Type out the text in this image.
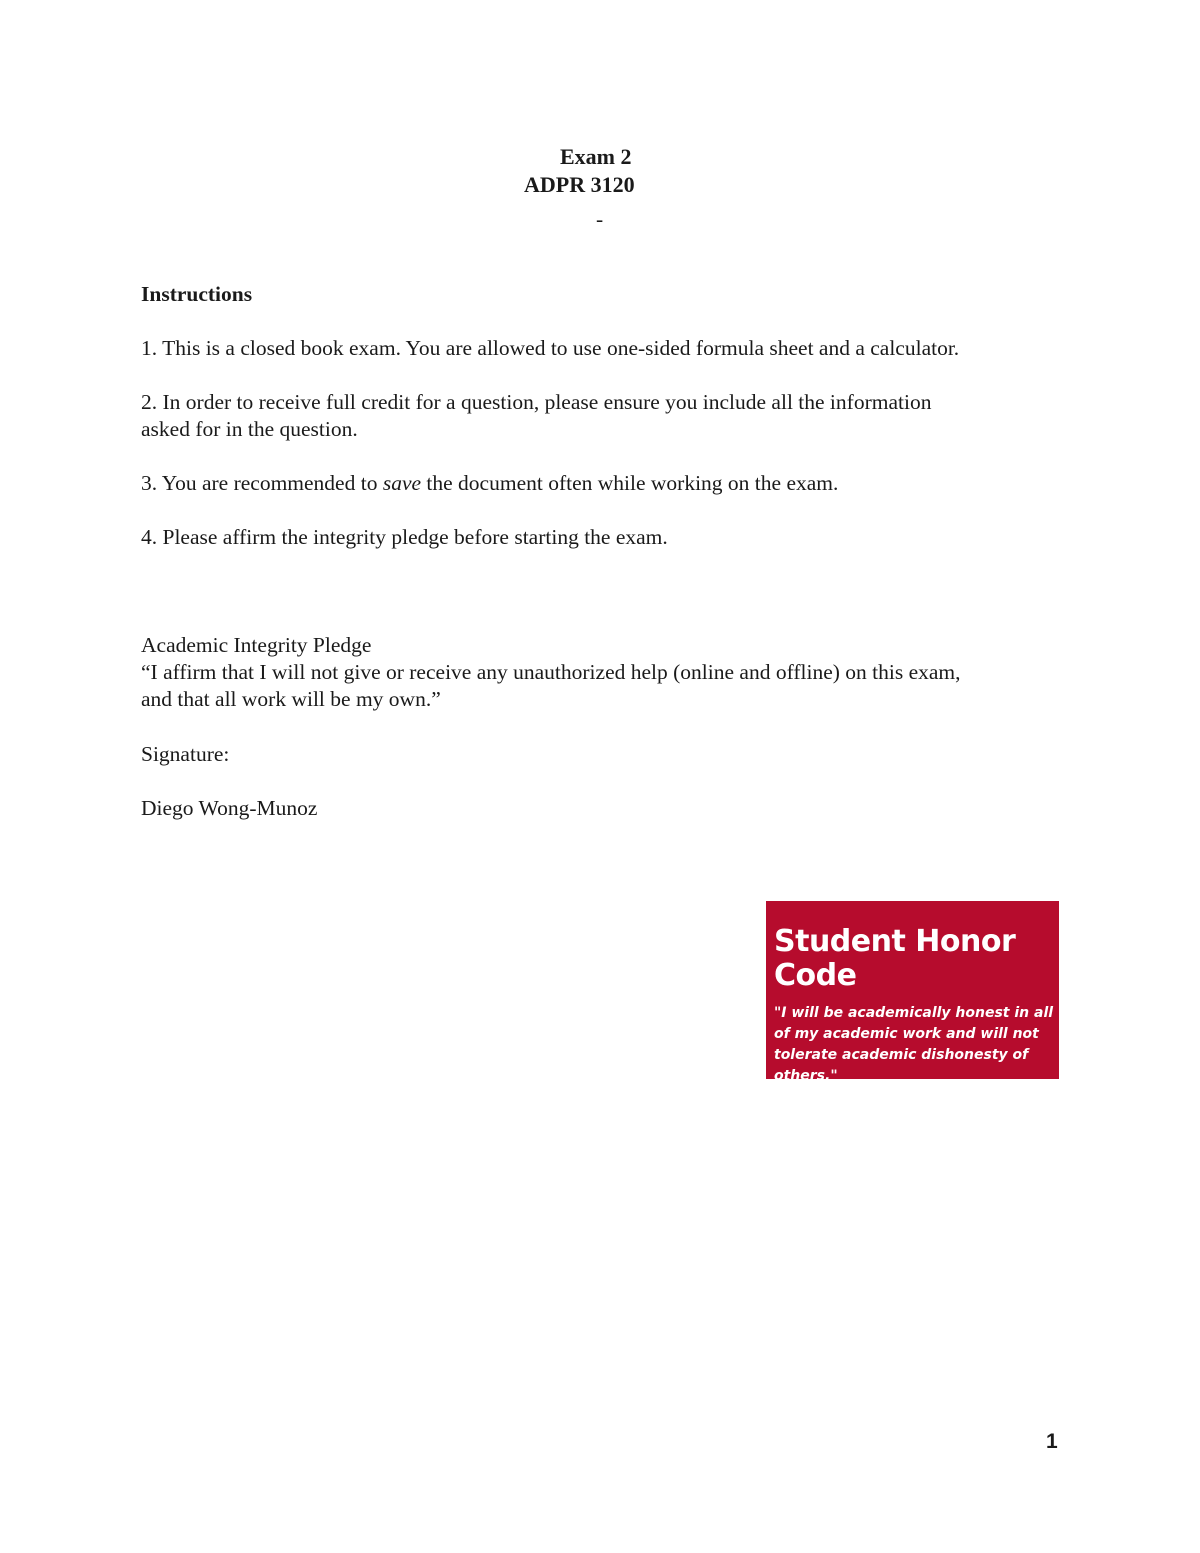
Exam 2
ADPR 3120
-
Instructions
1. This is a closed book exam. You are allowed to use one-sided formula sheet and a calculator.
2. In order to receive full credit for a question, please ensure you include all the information
asked for in the question.
3. You are recommended to save the document often while working on the exam.
4. Please affirm the integrity pledge before starting the exam.
Academic Integrity Pledge
“I affirm that I will not give or receive any unauthorized help (online and offline) on this exam,
and that all work will be my own.”
Signature:
Diego Wong-Munoz
Student Honor
Code
"I will be academically honest in all of my academic work and will not tolerate academic dishonesty of others."
1
